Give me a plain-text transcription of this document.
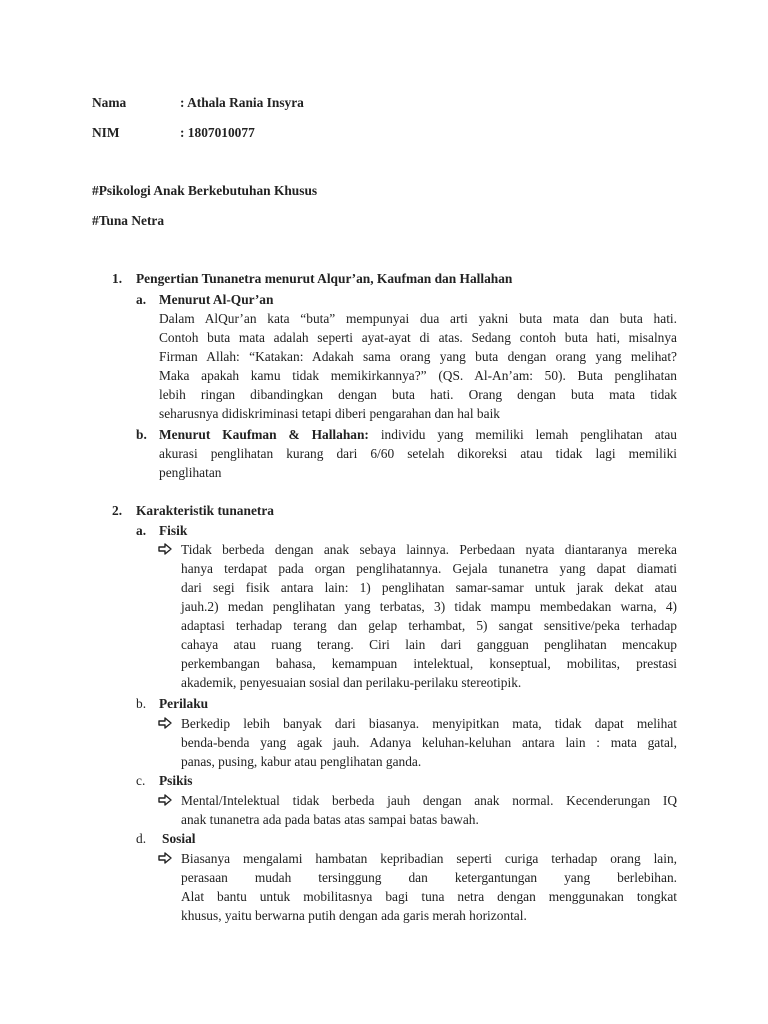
Nama	: Athala Rania Insyra
NIM	: 1807010077
#Psikologi Anak Berkebutuhan Khusus
#Tuna Netra
1. Pengertian Tunanetra menurut Alqur’an, Kaufman dan Hallahan
a. Menurut Al-Qur’an
Dalam AlQur’an kata “buta” mempunyai dua arti yakni buta mata dan buta hati.
Contoh buta mata adalah seperti ayat-ayat di atas. Sedang contoh buta hati, misalnya
Firman Allah: “Katakan: Adakah sama orang yang buta dengan orang yang melihat?
Maka apakah kamu tidak memikirkannya?” (QS. Al-An’am: 50). Buta penglihatan
lebih ringan dibandingkan dengan buta hati. Orang dengan buta mata tidak
seharusnya didiskriminasi tetapi diberi pengarahan dan hal baik
b. Menurut Kaufman & Hallahan: individu yang memiliki lemah penglihatan atau
akurasi penglihatan kurang dari 6/60 setelah dikoreksi atau tidak lagi memiliki
penglihatan
2. Karakteristik tunanetra
a. Fisik
Tidak berbeda dengan anak sebaya lainnya. Perbedaan nyata diantaranya mereka
hanya terdapat pada organ penglihatannya. Gejala tunanetra yang dapat diamati
dari segi fisik antara lain: 1) penglihatan samar-samar untuk jarak dekat atau
jauh.2) medan penglihatan yang terbatas, 3) tidak mampu membedakan warna, 4)
adaptasi terhadap terang dan gelap terhambat, 5) sangat sensitive/peka terhadap
cahaya atau ruang terang. Ciri lain dari gangguan penglihatan mencakup
perkembangan bahasa, kemampuan intelektual, konseptual, mobilitas, prestasi
akademik, penyesuaian sosial dan perilaku-perilaku stereotipik.
b. Perilaku
Berkedip lebih banyak dari biasanya. menyipitkan mata, tidak dapat melihat
benda-benda yang agak jauh. Adanya keluhan-keluhan antara lain : mata gatal,
panas, pusing, kabur atau penglihatan ganda.
c. Psikis
Mental/Intelektual tidak berbeda jauh dengan anak normal. Kecenderungan IQ
anak tunanetra ada pada batas atas sampai batas bawah.
d. Sosial
Biasanya mengalami hambatan kepribadian seperti curiga terhadap orang lain,
perasaan mudah tersinggung dan ketergantungan yang berlebihan.
Alat bantu untuk mobilitasnya bagi tuna netra dengan menggunakan tongkat
khusus, yaitu berwarna putih dengan ada garis merah horizontal.
